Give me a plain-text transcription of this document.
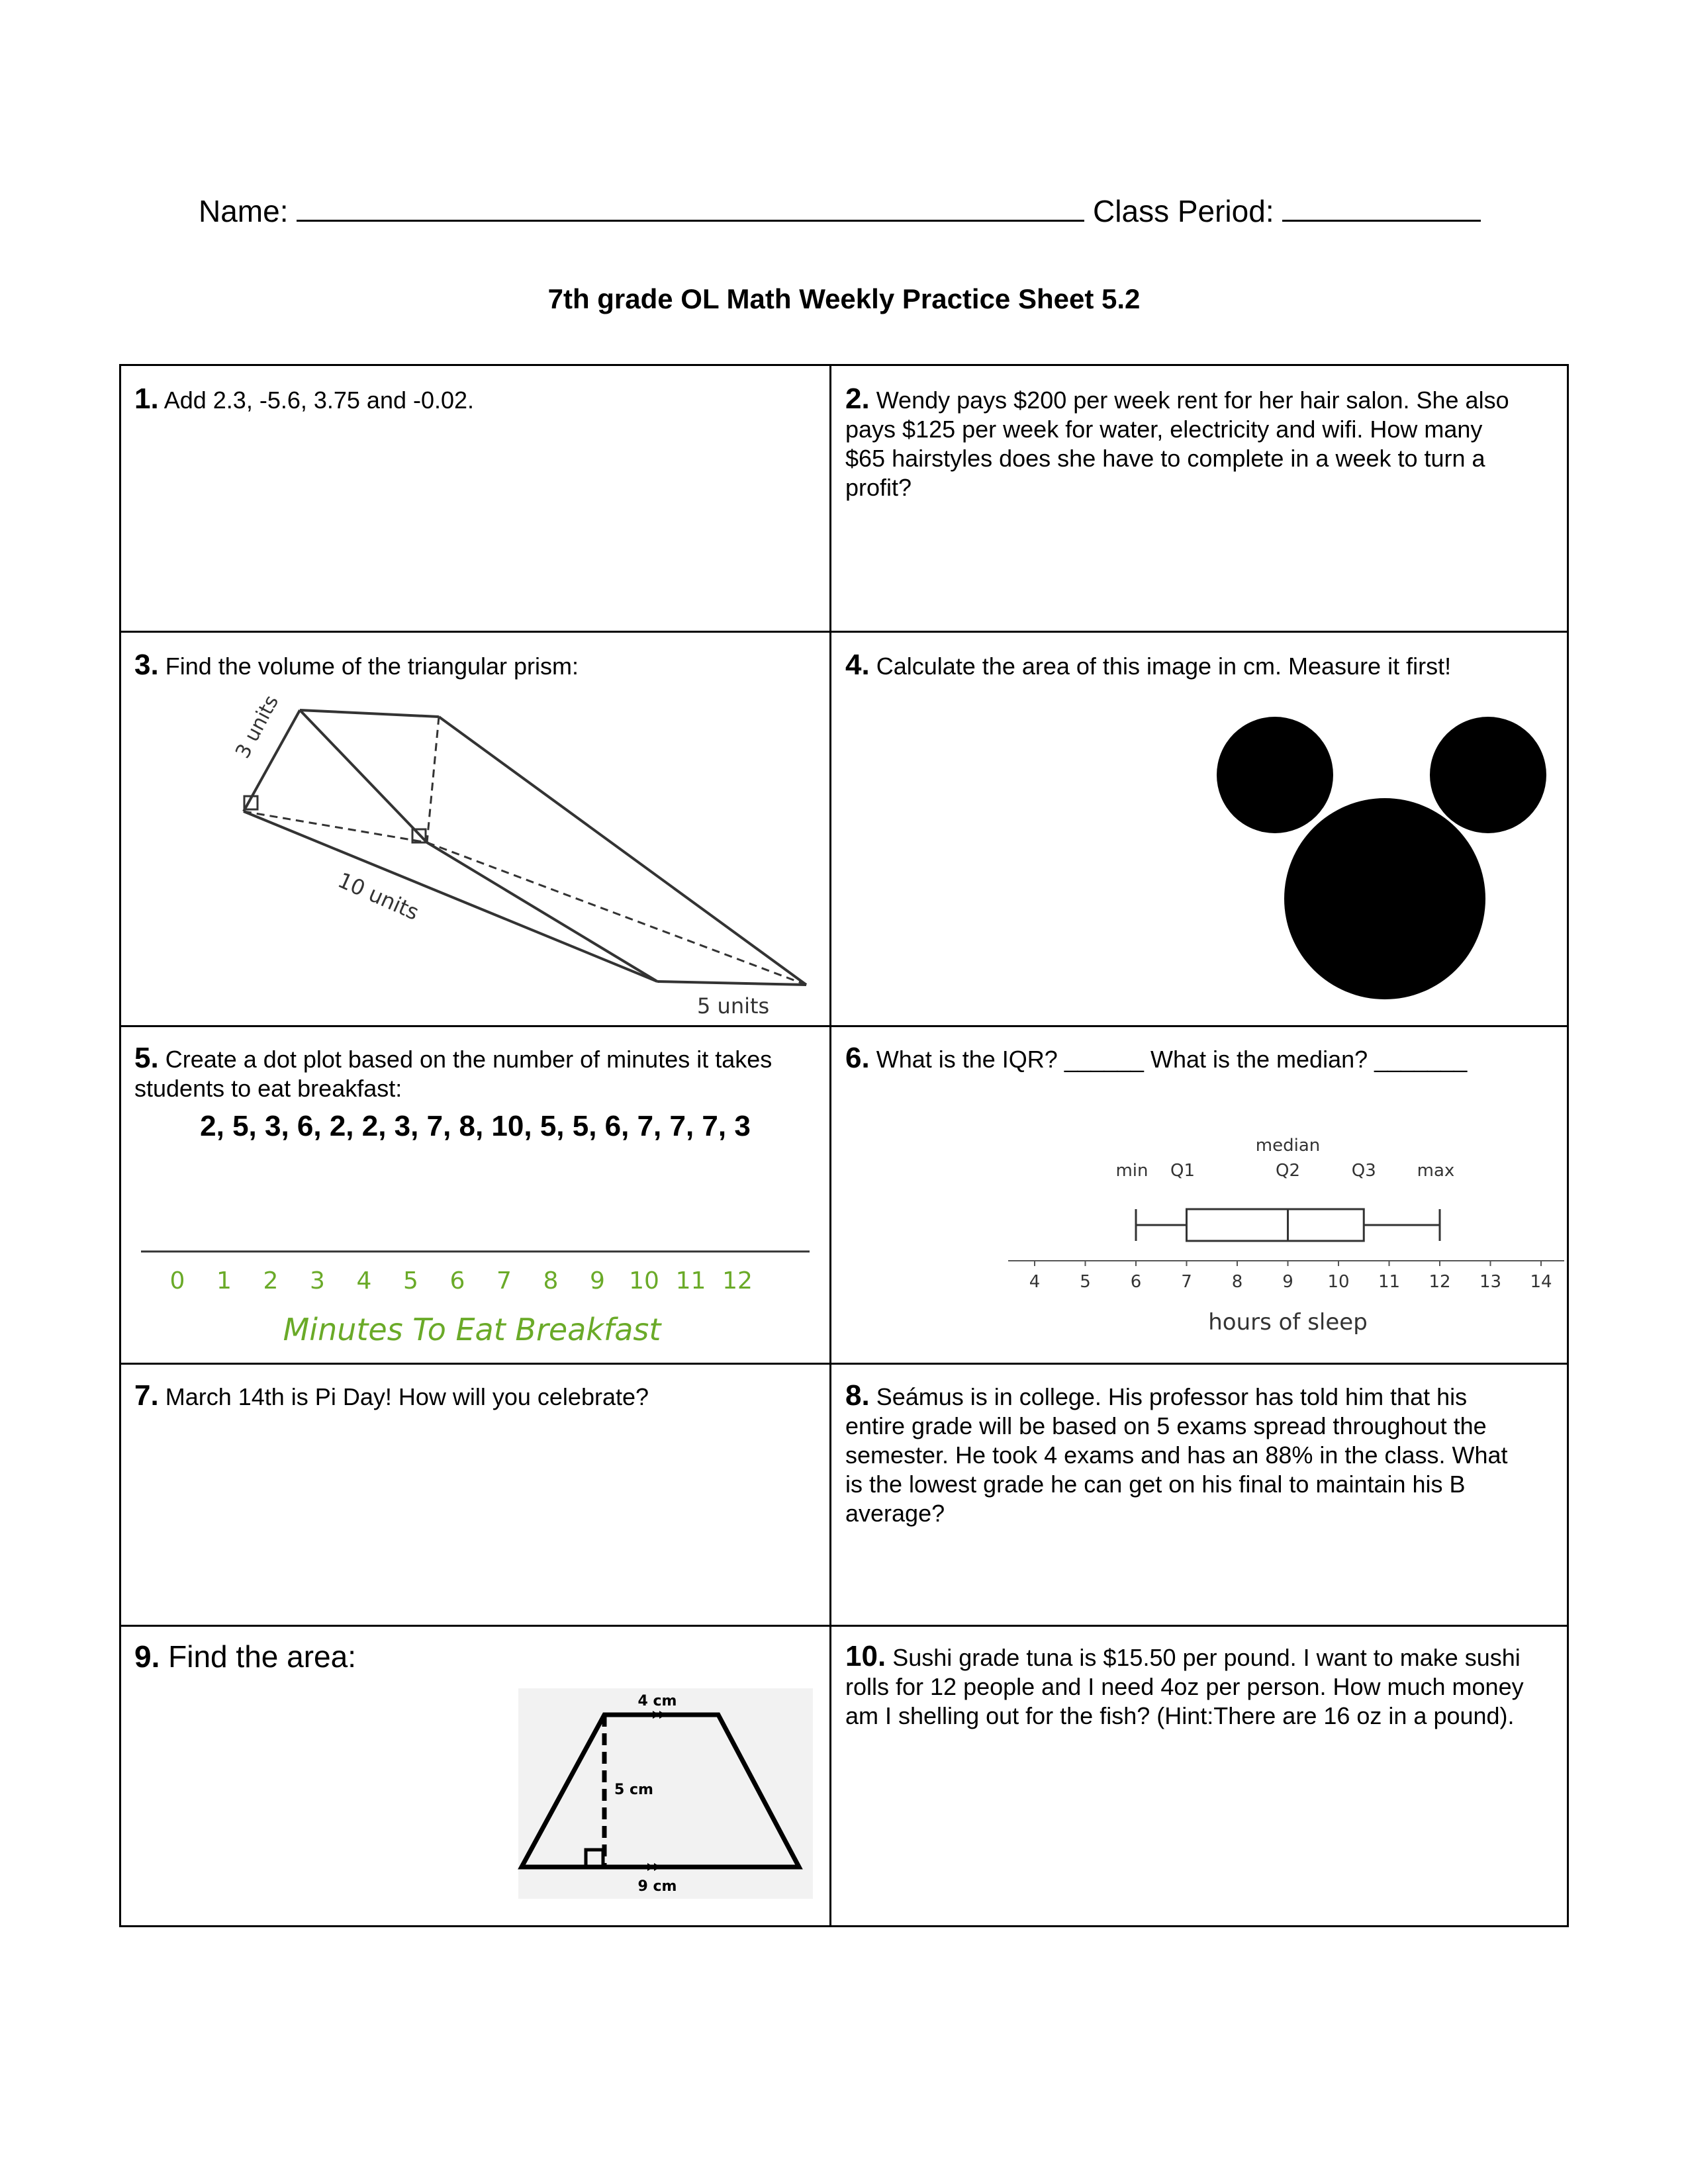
Name:	Class Period:
7th grade OL Math Weekly Practice Sheet 5.2
1. Add 2.3, -5.6, 3.75 and -0.02.	2. Wendy pays $200 per week rent for her hair salon. She also
pays $125 per week for water, electricity and wifi. How many
$65 hairstyles does she have to complete in a week to turn a
profit?
3. Find the volume of the triangular prism:
3 units
10 units
5 units
4. Calculate the area of this image in cm. Measure it first!
5. Create a dot plot based on the number of minutes it takes
students to eat breakfast:
2, 5, 3, 6, 2, 2, 3, 7, 8, 10, 5, 5, 6, 7, 7, 7, 3
0 1 2 3 4 5 6 7 8 9 10 11 12
Minutes To Eat Breakfast
6. What is the IQR? ______ What is the median? _______
median
min Q1	Q2	Q3 max
4 5 6 7 8 9 10 11 12 13 14
hours of sleep
7. March 14th is Pi Day! How will you celebrate?	8. Seámus is in college. His professor has told him that his
entire grade will be based on 5 exams spread throughout the
semester. He took 4 exams and has an 88% in the class. What
is the lowest grade he can get on his final to maintain his B
average?
9. Find the area:
4 cm
5 cm
9 cm
10. Sushi grade tuna is $15.50 per pound. I want to make sushi
rolls for 12 people and I need 4oz per person. How much money
am I shelling out for the fish? (Hint:There are 16 oz in a pound).
